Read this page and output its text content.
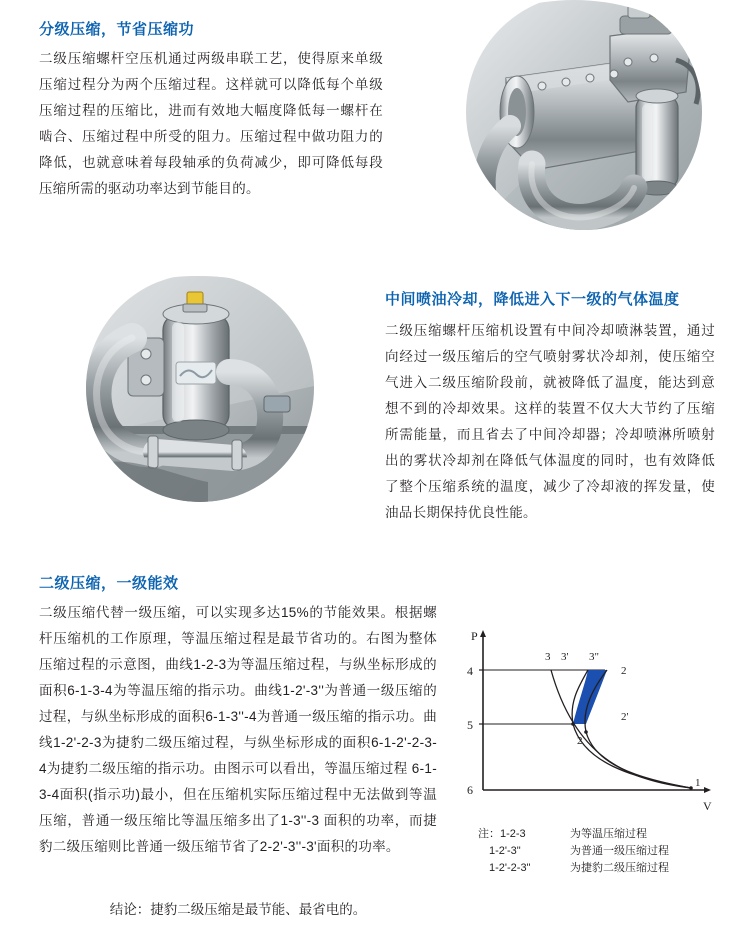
分级压缩，节省压缩功
二级压缩螺杆空压机通过两级串联工艺，使得原来单级压缩过程分为两个压缩过程。这样就可以降低每个单级压缩过程的压缩比，进而有效地大幅度降低每一螺杆在啮合、压缩过程中所受的阻力。压缩过程中做功阻力的降低，也就意味着每段轴承的负荷减少，即可降低每段压缩所需的驱动功率达到节能目的。
中间喷油冷却，降低进入下一级的气体温度
二级压缩螺杆压缩机设置有中间冷却喷淋装置，通过向经过一级压缩后的空气喷射雾状冷却剂，使压缩空气进入二级压缩阶段前，就被降低了温度，能达到意想不到的冷却效果。这样的装置不仅大大节约了压缩所需能量，而且省去了中间冷却器；冷却喷淋所喷射出的雾状冷却剂在降低气体温度的同时，也有效降低了整个压缩系统的温度，减少了冷却液的挥发量，使油品长期保持优良性能。
二级压缩，一级能效
二级压缩代替一级压缩，可以实现多达15%的节能效果。根据螺杆压缩机的工作原理，等温压缩过程是最节省功的。右图为整体压缩过程的示意图，曲线1-2-3为等温压缩过程，与纵坐标形成的面积6-1-3-4为等温压缩的指示功。曲线1-2'-3''为普通一级压缩的过程，与纵坐标形成的面积6-1-3''-4为普通一级压缩的指示功。曲线1-2'-2-3为捷豹二级压缩过程，与纵坐标形成的面积6-1-2'-2-3-4为捷豹二级压缩的指示功。由图示可以看出，等温压缩过程 6-1-3-4面积(指示功)最小，但在压缩机实际压缩过程中无法做到等温压缩，普通一级压缩比等温压缩多出了1-3''-3 面积的功率，而捷豹二级压缩则比普通一级压缩节省了2-2'-3''-3'面积的功率。
结论：捷豹二级压缩是最节能、最省电的。
P
V
4
5
6
3 3' 3"
2
2'
2
1
注：1-2-3	为等温压缩过程
1-2'-3"	为普通一级压缩过程
1-2'-2-3"	为捷豹二级压缩过程
